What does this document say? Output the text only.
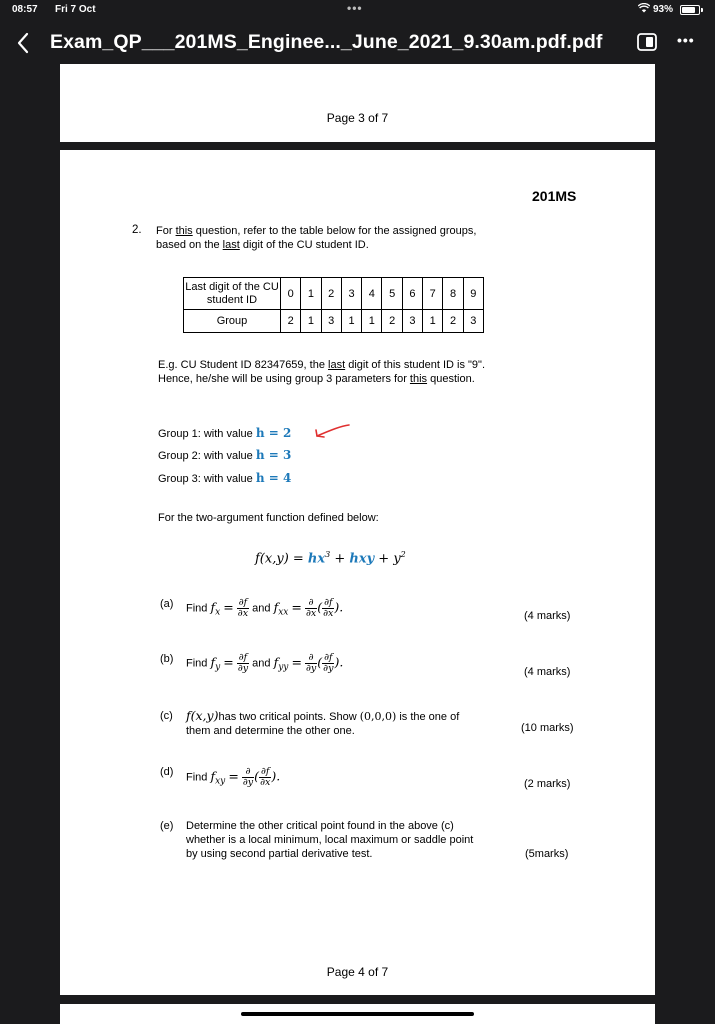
08:57 Fri 7 Oct	•••	93%
Exam_QP___201MS_Enginee..._June_2021_9.30am.pdf.pdf	•••
Page 3 of 7
201MS
2. For this question, refer to the table below for the assigned groups,
based on the last digit of the CU student ID.
Last digit of the CU student ID	0	1	2	3	4	5	6	7	8	9
Group	2	1	3	1	1	2	3	1	2	3
E.g. CU Student ID 82347659, the last digit of this student ID is "9". Hence, he/she will be using group 3 parameters for this question.
Group 1: with value h = 2
Group 2: with value h = 3
Group 3: with value h = 4
For the two-argument function defined below:
$f(x,y) = hx^3$ + hxy + $y^2$
(a) Find $f_x = \frac{\partial f}{\partial x}$ and $f_{xx} = \frac{\partial}{\partial x}$ ( $\frac{\partial f}{\partial x}$ ).
(4 marks)
(b) Find $f_y = \frac{\partial f}{\partial y}$ and $f_{yy} = \frac{\partial}{\partial y}$ ( $\frac{\partial f}{\partial y}$ ).
(4 marks)
(c) f(x,y)has two critical points. Show (0,0,0) is the one of
them and determine the other one.	(10 marks)
(d) Find $f_{xy} = \frac{\partial}{\partial y}$ ( $\frac{\partial f}{\partial x}$ ).
(2 marks)
(e) Determine the other critical point found in the above (c)
whether is a local minimum, local maximum or saddle point
by using second partial derivative test.	(5marks)
Page 4 of 7
